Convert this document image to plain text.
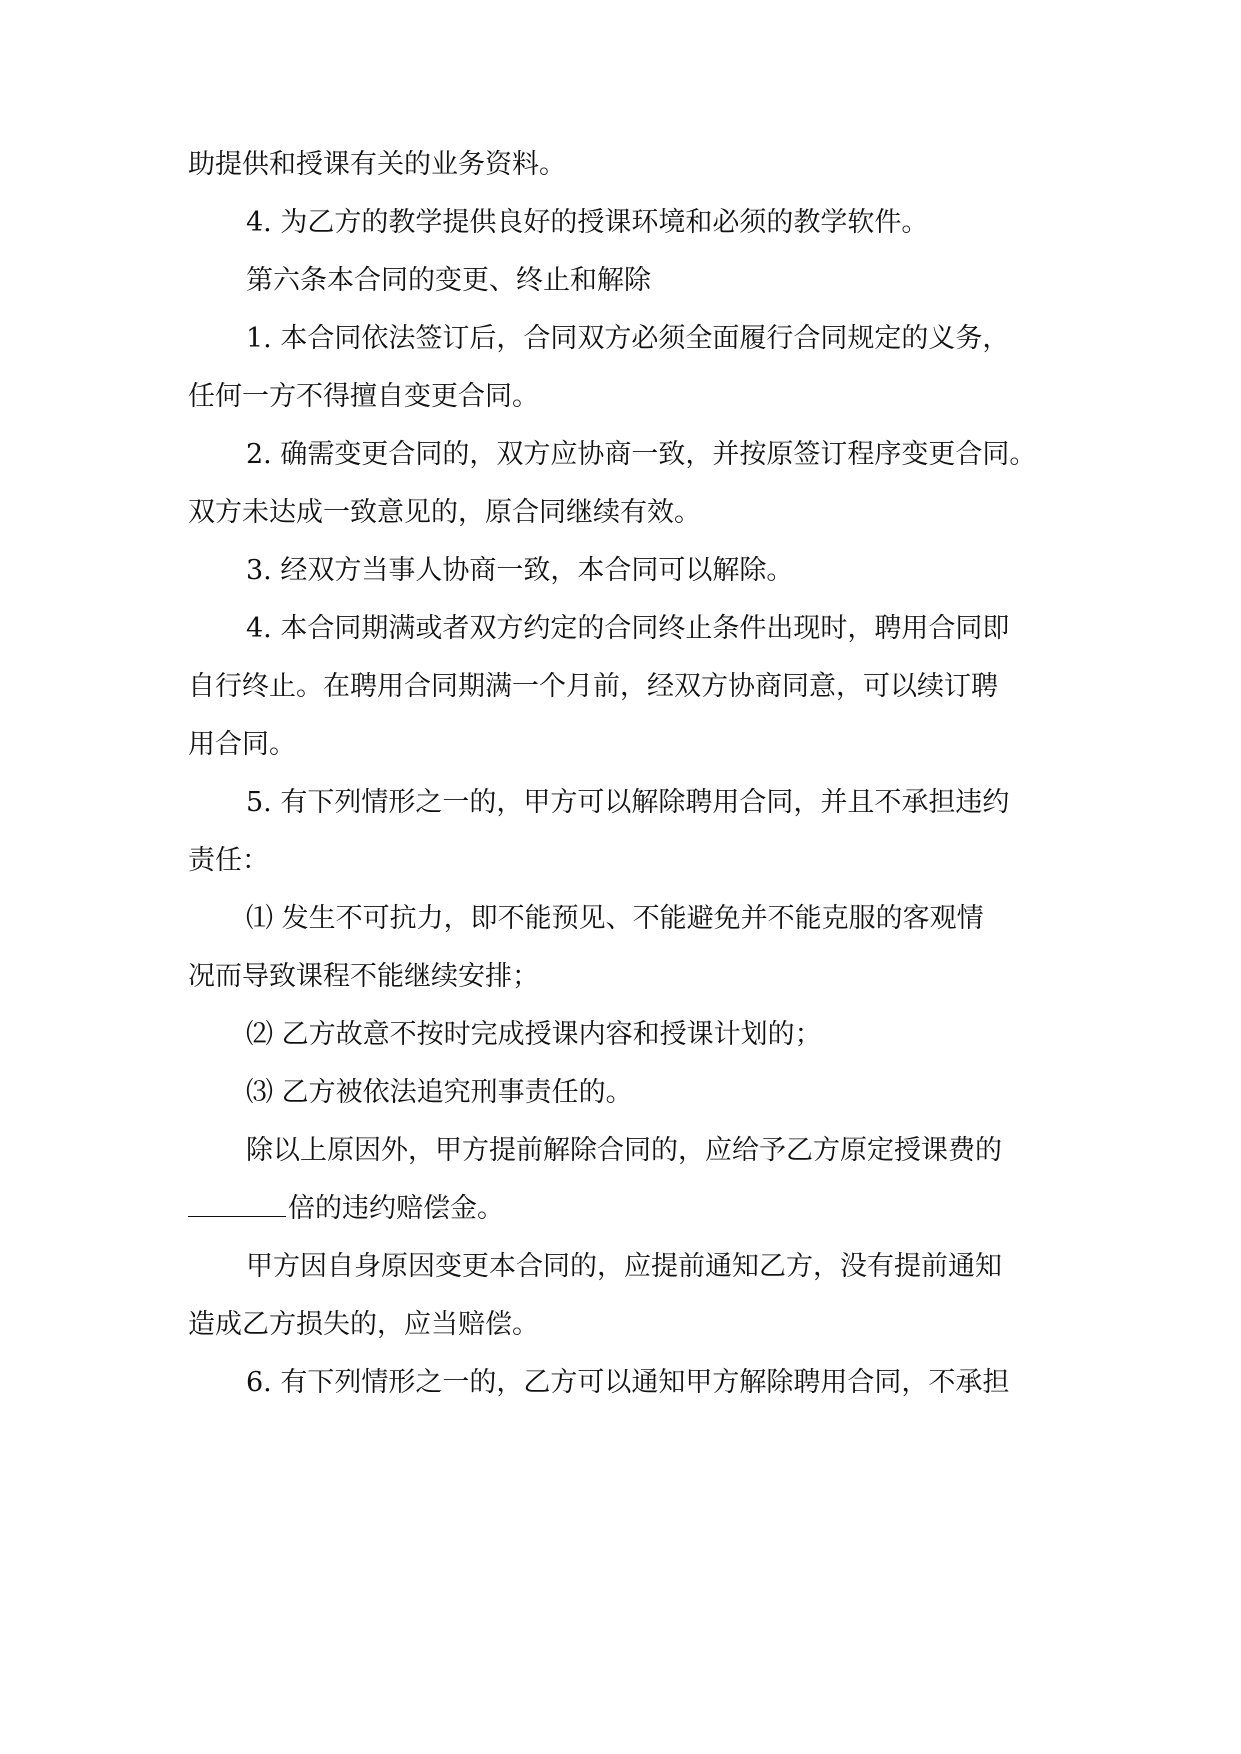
助提供和授课有关的业务资料。

4. 为乙方的教学提供良好的授课环境和必须的教学软件。

第六条本合同的变更、终止和解除

1. 本合同依法签订后，合同双方必须全面履行合同规定的义务，

任何一方不得擅自变更合同。

2. 确需变更合同的，双方应协商一致，并按原签订程序变更合同。

双方未达成一致意见的，原合同继续有效。

3. 经双方当事人协商一致，本合同可以解除。

4. 本合同期满或者双方约定的合同终止条件出现时，聘用合同即

自行终止。在聘用合同期满一个月前，经双方协商同意，可以续订聘

用合同。

5. 有下列情形之一的，甲方可以解除聘用合同，并且不承担违约

责任：

⑴ 发生不可抗力，即不能预见、不能避免并不能克服的客观情

况而导致课程不能继续安排；

⑵ 乙方故意不按时完成授课内容和授课计划的；

⑶ 乙方被依法追究刑事责任的。

除以上原因外，甲方提前解除合同的，应给予乙方原定授课费的

倍的违约赔偿金。

甲方因自身原因变更本合同的，应提前通知乙方，没有提前通知

造成乙方损失的，应当赔偿。

6. 有下列情形之一的，乙方可以通知甲方解除聘用合同，不承担
